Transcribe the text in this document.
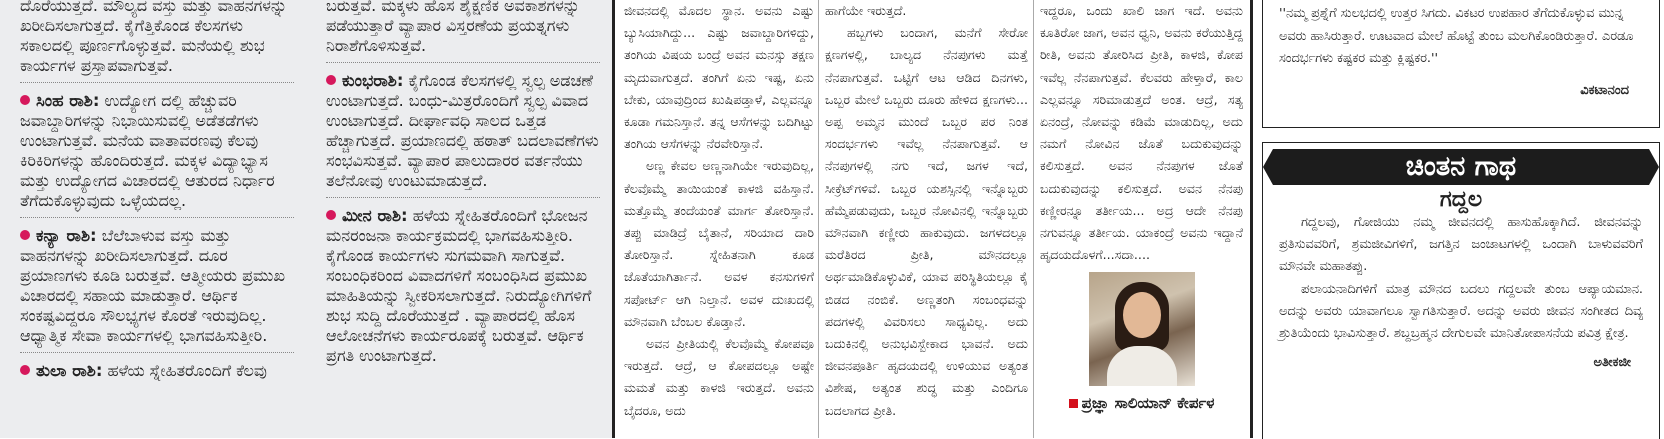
ದೊರೆಯುತ್ತದೆ. ಮೌಲ್ಯದ ವಸ್ತು ಮತ್ತು ವಾಹನಗಳನ್ನು ಖರೀದಿಸಲಾಗುತ್ತದೆ. ಕೈಗೆತ್ತಿಕೊಂಡ ಕೆಲಸಗಳು ಸಕಾಲದಲ್ಲಿ ಪೂರ್ಣಗೊಳ್ಳುತ್ತವೆ. ಮನೆಯಲ್ಲಿ ಶುಭ ಕಾರ್ಯಗಳ ಪ್ರಸ್ತಾಪವಾಗುತ್ತವೆ.
ಸಿಂಹ ರಾಶಿ: ಉದ್ಯೋಗ ದಲ್ಲಿ ಹೆಚ್ಚುವರಿ ಜವಾಬ್ದಾರಿಗಳನ್ನು ನಿಭಾಯಿಸುವಲ್ಲಿ ಅಡೆತಡೆಗಳು ಉಂಟಾಗುತ್ತವೆ. ಮನೆಯ ವಾತಾವರಣವು ಕೆಲವು ಕಿರಿಕಿರಿಗಳನ್ನು ಹೊಂದಿರುತ್ತದೆ. ಮಕ್ಕಳ ವಿದ್ಯಾಭ್ಯಾಸ ಮತ್ತು ಉದ್ಯೋಗದ ವಿಚಾರದಲ್ಲಿ ಆತುರದ ನಿರ್ಧಾರ ತೆಗೆದುಕೊಳ್ಳುವುದು ಒಳ್ಳೆಯದಲ್ಲ.
ಕನ್ಯಾ ರಾಶಿ: ಬೆಲೆಬಾಳುವ ವಸ್ತು ಮತ್ತು ವಾಹನಗಳನ್ನು ಖರೀದಿಸಲಾಗುತ್ತದೆ. ದೂರ ಪ್ರಯಾಣಗಳು ಕೂಡಿ ಬರುತ್ತವೆ. ಆತ್ಮೀಯರು ಪ್ರಮುಖ ವಿಚಾರದಲ್ಲಿ ಸಹಾಯ ಮಾಡುತ್ತಾರೆ. ಆರ್ಥಿಕ ಸಂಕಷ್ಟವಿದ್ದರೂ ಸೌಲಭ್ಯಗಳ ಕೊರತೆ ಇರುವುದಿಲ್ಲ. ಆಧ್ಯಾತ್ಮಿಕ ಸೇವಾ ಕಾರ್ಯಗಳಲ್ಲಿ ಭಾಗವಹಿಸುತ್ತೀರಿ.
ತುಲಾ ರಾಶಿ: ಹಳೆಯ ಸ್ನೇಹಿತರೊಂದಿಗೆ ಕೆಲವು
ಬರುತ್ತವೆ. ಮಕ್ಕಳು ಹೊಸ ಶೈಕ್ಷಣಿಕ ಅವಕಾಶಗಳನ್ನು ಪಡೆಯುತ್ತಾರೆ ವ್ಯಾಪಾರ ವಿಸ್ತರಣೆಯ ಪ್ರಯತ್ನಗಳು ನಿರಾಶೆಗೊಳಿಸುತ್ತವೆ.
ಕುಂಭರಾಶಿ: ಕೈಗೊಂಡ ಕೆಲಸಗಳಲ್ಲಿ ಸ್ವಲ್ಪ ಅಡಚಣೆ ಉಂಟಾಗುತ್ತದೆ. ಬಂಧು-ಮಿತ್ರರೊಂದಿಗೆ ಸ್ವಲ್ಪ ವಿವಾದ ಉಂಟಾಗುತ್ತದೆ. ದೀರ್ಘಾವಧಿ ಸಾಲದ ಒತ್ತಡ ಹೆಚ್ಚಾಗುತ್ತದೆ. ಪ್ರಯಾಣದಲ್ಲಿ ಹಠಾತ್ ಬದಲಾವಣೆಗಳು ಸಂಭವಿಸುತ್ತವೆ. ವ್ಯಾಪಾರ ಪಾಲುದಾರರ ವರ್ತನೆಯು ತಲೆನೋವು ಉಂಟುಮಾಡುತ್ತದೆ.
ಮೀನ ರಾಶಿ: ಹಳೆಯ ಸ್ನೇಹಿತರೊಂದಿಗೆ ಭೋಜನ ಮನರಂಜನಾ ಕಾರ್ಯಕ್ರಮದಲ್ಲಿ ಭಾಗವಹಿಸುತ್ತೀರಿ. ಕೈಗೊಂಡ ಕಾರ್ಯಗಳು ಸುಗಮವಾಗಿ ಸಾಗುತ್ತವೆ. ಸಂಬಂಧಿಕರಿಂದ ವಿವಾದಗಳಿಗೆ ಸಂಬಂಧಿಸಿದ ಪ್ರಮುಖ ಮಾಹಿತಿಯನ್ನು ಸ್ವೀಕರಿಸಲಾಗುತ್ತದೆ. ನಿರುದ್ಯೋಗಿಗಳಿಗೆ ಶುಭ ಸುದ್ದಿ ದೊರೆಯುತ್ತದೆ . ವ್ಯಾಪಾರದಲ್ಲಿ ಹೊಸ ಆಲೋಚನೆಗಳು ಕಾರ್ಯರೂಪಕ್ಕೆ ಬರುತ್ತವೆ. ಆರ್ಥಿಕ ಪ್ರಗತಿ ಉಂಟಾಗುತ್ತದೆ.

ಜೀವನದಲ್ಲಿ ಮೊದಲ ಸ್ಥಾನ. ಅವನು ಎಷ್ಟು ಬ್ಯುಸಿಯಾಗಿದ್ದು... ಎಷ್ಟು ಜವಾಬ್ದಾರಿಗಳಿದ್ದು, ತಂಗಿಯ ವಿಷಯ ಬಂದ್ರೆ ಅವನ ಮನಸ್ಸು ತಕ್ಷಣ ಮೃದುವಾಗುತ್ತದೆ. ತಂಗಿಗೆ ಏನು ಇಷ್ಟ, ಏನು ಬೇಕು, ಯಾವುದ್ರಿಂದ ಖುಷಿಪಡ್ತಾಳೆ, ಎಲ್ಲವನ್ನೂ ಕೂಡಾ ಗಮನಿಸ್ತಾನೆ. ತನ್ನ ಆಸೆಗಳನ್ನು ಬದಿಗಿಟ್ಟು ತಂಗಿಯ ಆಸೆಗಳನ್ನು ನೆರವೇರಿಸ್ತಾನೆ.

ಅಣ್ಣ ಕೇವಲ ಅಣ್ಣನಾಗಿಯೇ ಇರುವುದಿಲ್ಲ, ಕೆಲವೊಮ್ಮೆ ತಾಯಿಯಂತೆ ಕಾಳಜಿ ವಹಿಸ್ತಾನೆ. ಮತ್ತೊಮ್ಮೆ ತಂದೆಯಂತೆ ಮಾರ್ಗ ತೋರಿಸ್ತಾನೆ. ತಪ್ಪು ಮಾಡಿದ್ರೆ ಬೈತಾನೆ, ಸರಿಯಾದ ದಾರಿ ತೋರಿಸ್ತಾನೆ. ಸ್ನೇಹಿತನಾಗಿ ಕೂಡ ಜೊತೆಯಾಗಿರ್ತಾನೆ. ಅವಳ ಕನಸುಗಳಿಗೆ ಸಪೋರ್ಟ್ ಆಗಿ ನಿಲ್ತಾನೆ. ಅವಳ ದುಃಖದಲ್ಲಿ ಮೌನವಾಗಿ ಬೆಂಬಲ ಕೊಡ್ತಾನೆ.

ಅವನ ಪ್ರೀತಿಯಲ್ಲಿ ಕೆಲವೊಮ್ಮೆ ಕೋಪವೂ ಇರುತ್ತದೆ. ಆದ್ರೆ, ಆ ಕೋಪದಲ್ಲೂ ಅಷ್ಟೇ ಮಮತೆ ಮತ್ತು ಕಾಳಜಿ ಇರುತ್ತದೆ. ಅವನು ಬೈದರೂ, ಅದು

ಹಾಗೆಯೇ ಇರುತ್ತದೆ.

ಹಬ್ಬಗಳು ಬಂದಾಗ, ಮನೆಗೆ ಸೇರೋ ಕ್ಷಣಗಳಲ್ಲಿ, ಬಾಲ್ಯದ ನೆನಪುಗಳು ಮತ್ತೆ ನೆನಪಾಗುತ್ತವೆ. ಒಟ್ಟಿಗೆ ಆಟ ಆಡಿದ ದಿನಗಳು, ಒಬ್ಬರ ಮೇಲೆ ಒಬ್ಬರು ದೂರು ಹೇಳಿದ ಕ್ಷಣಗಳು... ಅಪ್ಪ ಅಮ್ಮನ ಮುಂದೆ ಒಬ್ಬರ ಪರ ನಿಂತ ಸಂದರ್ಭಗಳು ಇವೆಲ್ಲ ನೆನಪಾಗುತ್ತವೆ. ಆ ನೆನಪುಗಳಲ್ಲಿ ನಗು ಇದೆ, ಜಗಳ ಇದೆ, ಸೀಕ್ರೆಟ್‌ಗಳಿವೆ. ಒಬ್ಬರ ಯಶಸ್ಸಿನಲ್ಲಿ ಇನ್ನೊಬ್ಬರು ಹೆಮ್ಮೆಪಡುವುದು, ಒಬ್ಬರ ನೋವಿನಲ್ಲಿ ಇನ್ನೊಬ್ಬರು ಮೌನವಾಗಿ ಕಣ್ಣೀರು ಹಾಕುವುದು. ಜಗಳದಲ್ಲೂ ಮರೆತಿರದ ಪ್ರೀತಿ, ಮೌನದಲ್ಲೂ ಅರ್ಥಮಾಡಿಕೊಳ್ಳುವಿಕೆ, ಯಾವ ಪರಿಸ್ಥಿತಿಯಲ್ಲೂ ಕೈ ಬಿಡದ ನಂಬಿಕೆ. ಅಣ್ಣತಂಗಿ ಸಂಬಂಧವನ್ನು ಪದಗಳಲ್ಲಿ ವಿವರಿಸಲು ಸಾಧ್ಯವಿಲ್ಲ. ಅದು ಬದುಕಿನಲ್ಲಿ ಅನುಭವಿಸ್ಬೇಕಾದ ಭಾವನೆ. ಅದು ಜೀವನಪೂರ್ತಿ ಹೃದಯದಲ್ಲಿ ಉಳಿಯುವ ಅತ್ಯಂತ ವಿಶೇಷ, ಅತ್ಯಂತ ಶುದ್ಧ ಮತ್ತು ಎಂದಿಗೂ ಬದಲಾಗದ ಪ್ರೀತಿ.

ಇದ್ದರೂ, ಒಂದು ಖಾಲಿ ಜಾಗ ಇದೆ. ಅವನು ಕೂತಿರೋ ಜಾಗ, ಅವನ ಧ್ವನಿ, ಅವನು ಕರೆಯುತ್ತಿದ್ದ ರೀತಿ, ಅವನು ತೋರಿಸಿದ ಪ್ರೀತಿ, ಕಾಳಜಿ, ಕೋಪ ಇವೆಲ್ಲ ನೆನಪಾಗುತ್ತವೆ. ಕೆಲವರು ಹೇಳ್ತಾರೆ, ಕಾಲ ಎಲ್ಲವನ್ನೂ ಸರಿಮಾಡುತ್ತದೆ ಅಂತ. ಆದ್ರೆ, ಸತ್ಯ ಏನಂದ್ರೆ, ನೋವನ್ನು ಕಡಿಮೆ ಮಾಡುದಿಲ್ಲ, ಅದು ನಮಗೆ ನೋವಿನ ಜೊತೆ ಬದುಕುವುದನ್ನು ಕಲಿಸುತ್ತದೆ. ಅವನ ನೆನಪುಗಳ ಜೊತೆ ಬದುಕುವುದನ್ನು ಕಲಿಸುತ್ತದೆ. ಅವನ ನೆನಪು ಕಣ್ಣೀರನ್ನೂ ತರ್ತೀಯ... ಅದ್ರ ಆದೇ ನೆನಪು ನಗುವನ್ನೂ ತರ್ತೀಯ. ಯಾಕಂದ್ರೆ ಅವನು ಇದ್ದಾನೆ ಹೃದಯದೊಳಗೆ...ಸದಾ....

ಪ್ರಜ್ಞಾ ಸಾಲಿಯಾನ್ ಕೇರ್ಪಳ
''ನಮ್ಮ ಪ್ರಶ್ನೆಗೆ ಸುಲಭದಲ್ಲಿ ಉತ್ತರ ಸಿಗದು. ವಿಕಟರ ಉಪಹಾರ ತೆಗೆದುಕೊಳ್ಳುವ ಮುನ್ನ ಅವರು ಹಾಸಿರುತ್ತಾರೆ. ಊಟವಾದ ಮೇಲೆ ಹೊಟ್ಟೆ ತುಂಬ ಮಲಗಿಕೊಂಡಿರುತ್ತಾರೆ. ಎರಡೂ ಸಂದರ್ಭಗಳು ಕಷ್ಟಕರ ಮತ್ತು ಕ್ಲಿಷ್ಟಕರ.''
ವಿಕಟಾನಂದ
ಚಿಂತನ ಗಾಥ
ಗದ್ದಲ

ಗದ್ದಲವು, ಗೋಜಿಯು ನಮ್ಮ ಜೀವನದಲ್ಲಿ ಹಾಸುಹೊಕ್ಕಾಗಿದೆ. ಜೀವನವನ್ನು ಪ್ರತಿಸುವವರಿಗೆ, ಶ್ರಮಜೀವಿಗಳಿಗೆ, ಜಗತ್ತಿನ ಜಂಜಾಟಗಳಲ್ಲಿ ಒಂದಾಗಿ ಬಾಳುವವರಿಗೆ ಮೌನವೇ ಮಹಾತಪ್ಪು.

ಪಲಾಯನಾದಿಗಳಿಗೆ ಮಾತ್ರ ಮೌನದ ಬದಲು ಗದ್ದಲವೇ ತುಂಬ ಆಪ್ಯಾಯಮಾನ. ಅದನ್ನು ಅವರು ಯಾವಾಗಲೂ ಸ್ವಾಗತಿಸುತ್ತಾರೆ. ಅದನ್ನು ಅವರು ಜೀವನ ಸಂಗೀತದ ದಿವ್ಯ ಶ್ರುತಿಯೆಂದು ಭಾವಿಸುತ್ತಾರೆ. ಶಬ್ದಬ್ರಹ್ಮನ ದೇಗುಲವೇ ಮಾನಿತೋಪಾಸನೆಯ ಪವಿತ್ರ ಕ್ಷೇತ್ರ.

ಅತೀಕಜೀ
